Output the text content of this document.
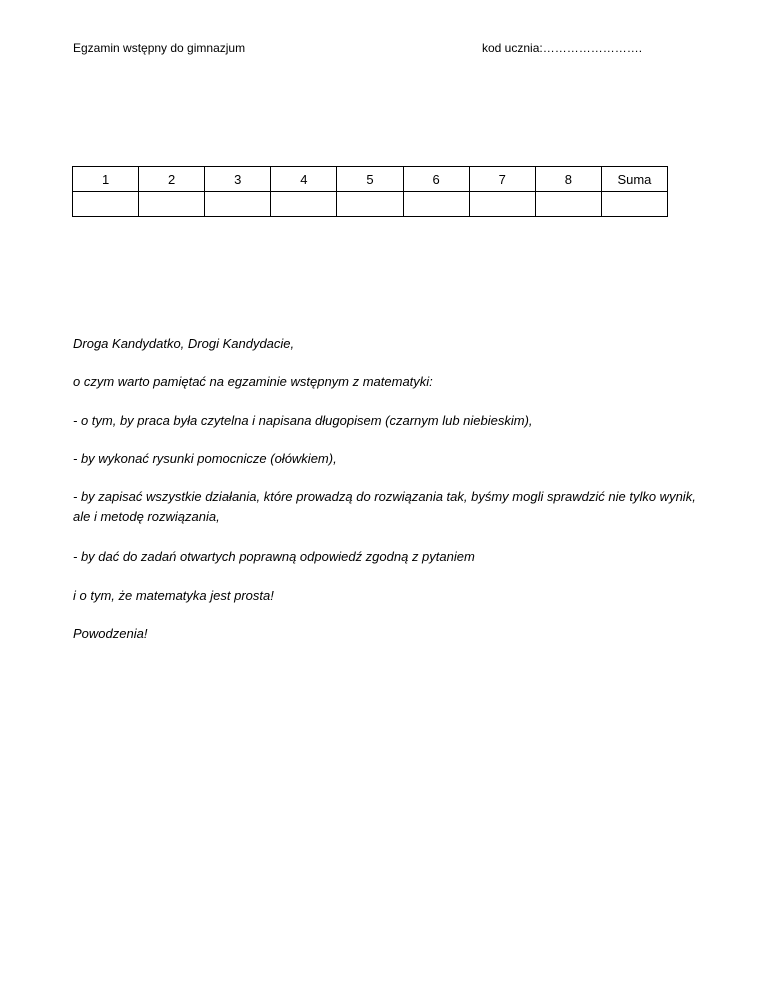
Egzamin wstępny do gimnazjum	kod ucznia:…………………….
1	2	3	4	5	6	7	8	Suma

Droga Kandydatko, Drogi Kandydacie,
o czym warto pamiętać na egzaminie wstępnym z matematyki:
- o tym, by praca była czytelna i napisana długopisem (czarnym lub niebieskim),
- by wykonać rysunki pomocnicze (ołówkiem),
- by zapisać wszystkie działania, które prowadzą do rozwiązania tak, byśmy mogli sprawdzić nie tylko wynik, ale i metodę rozwiązania,
- by dać do zadań otwartych poprawną odpowiedź zgodną z pytaniem
i o tym, że matematyka jest prosta!
Powodzenia!
